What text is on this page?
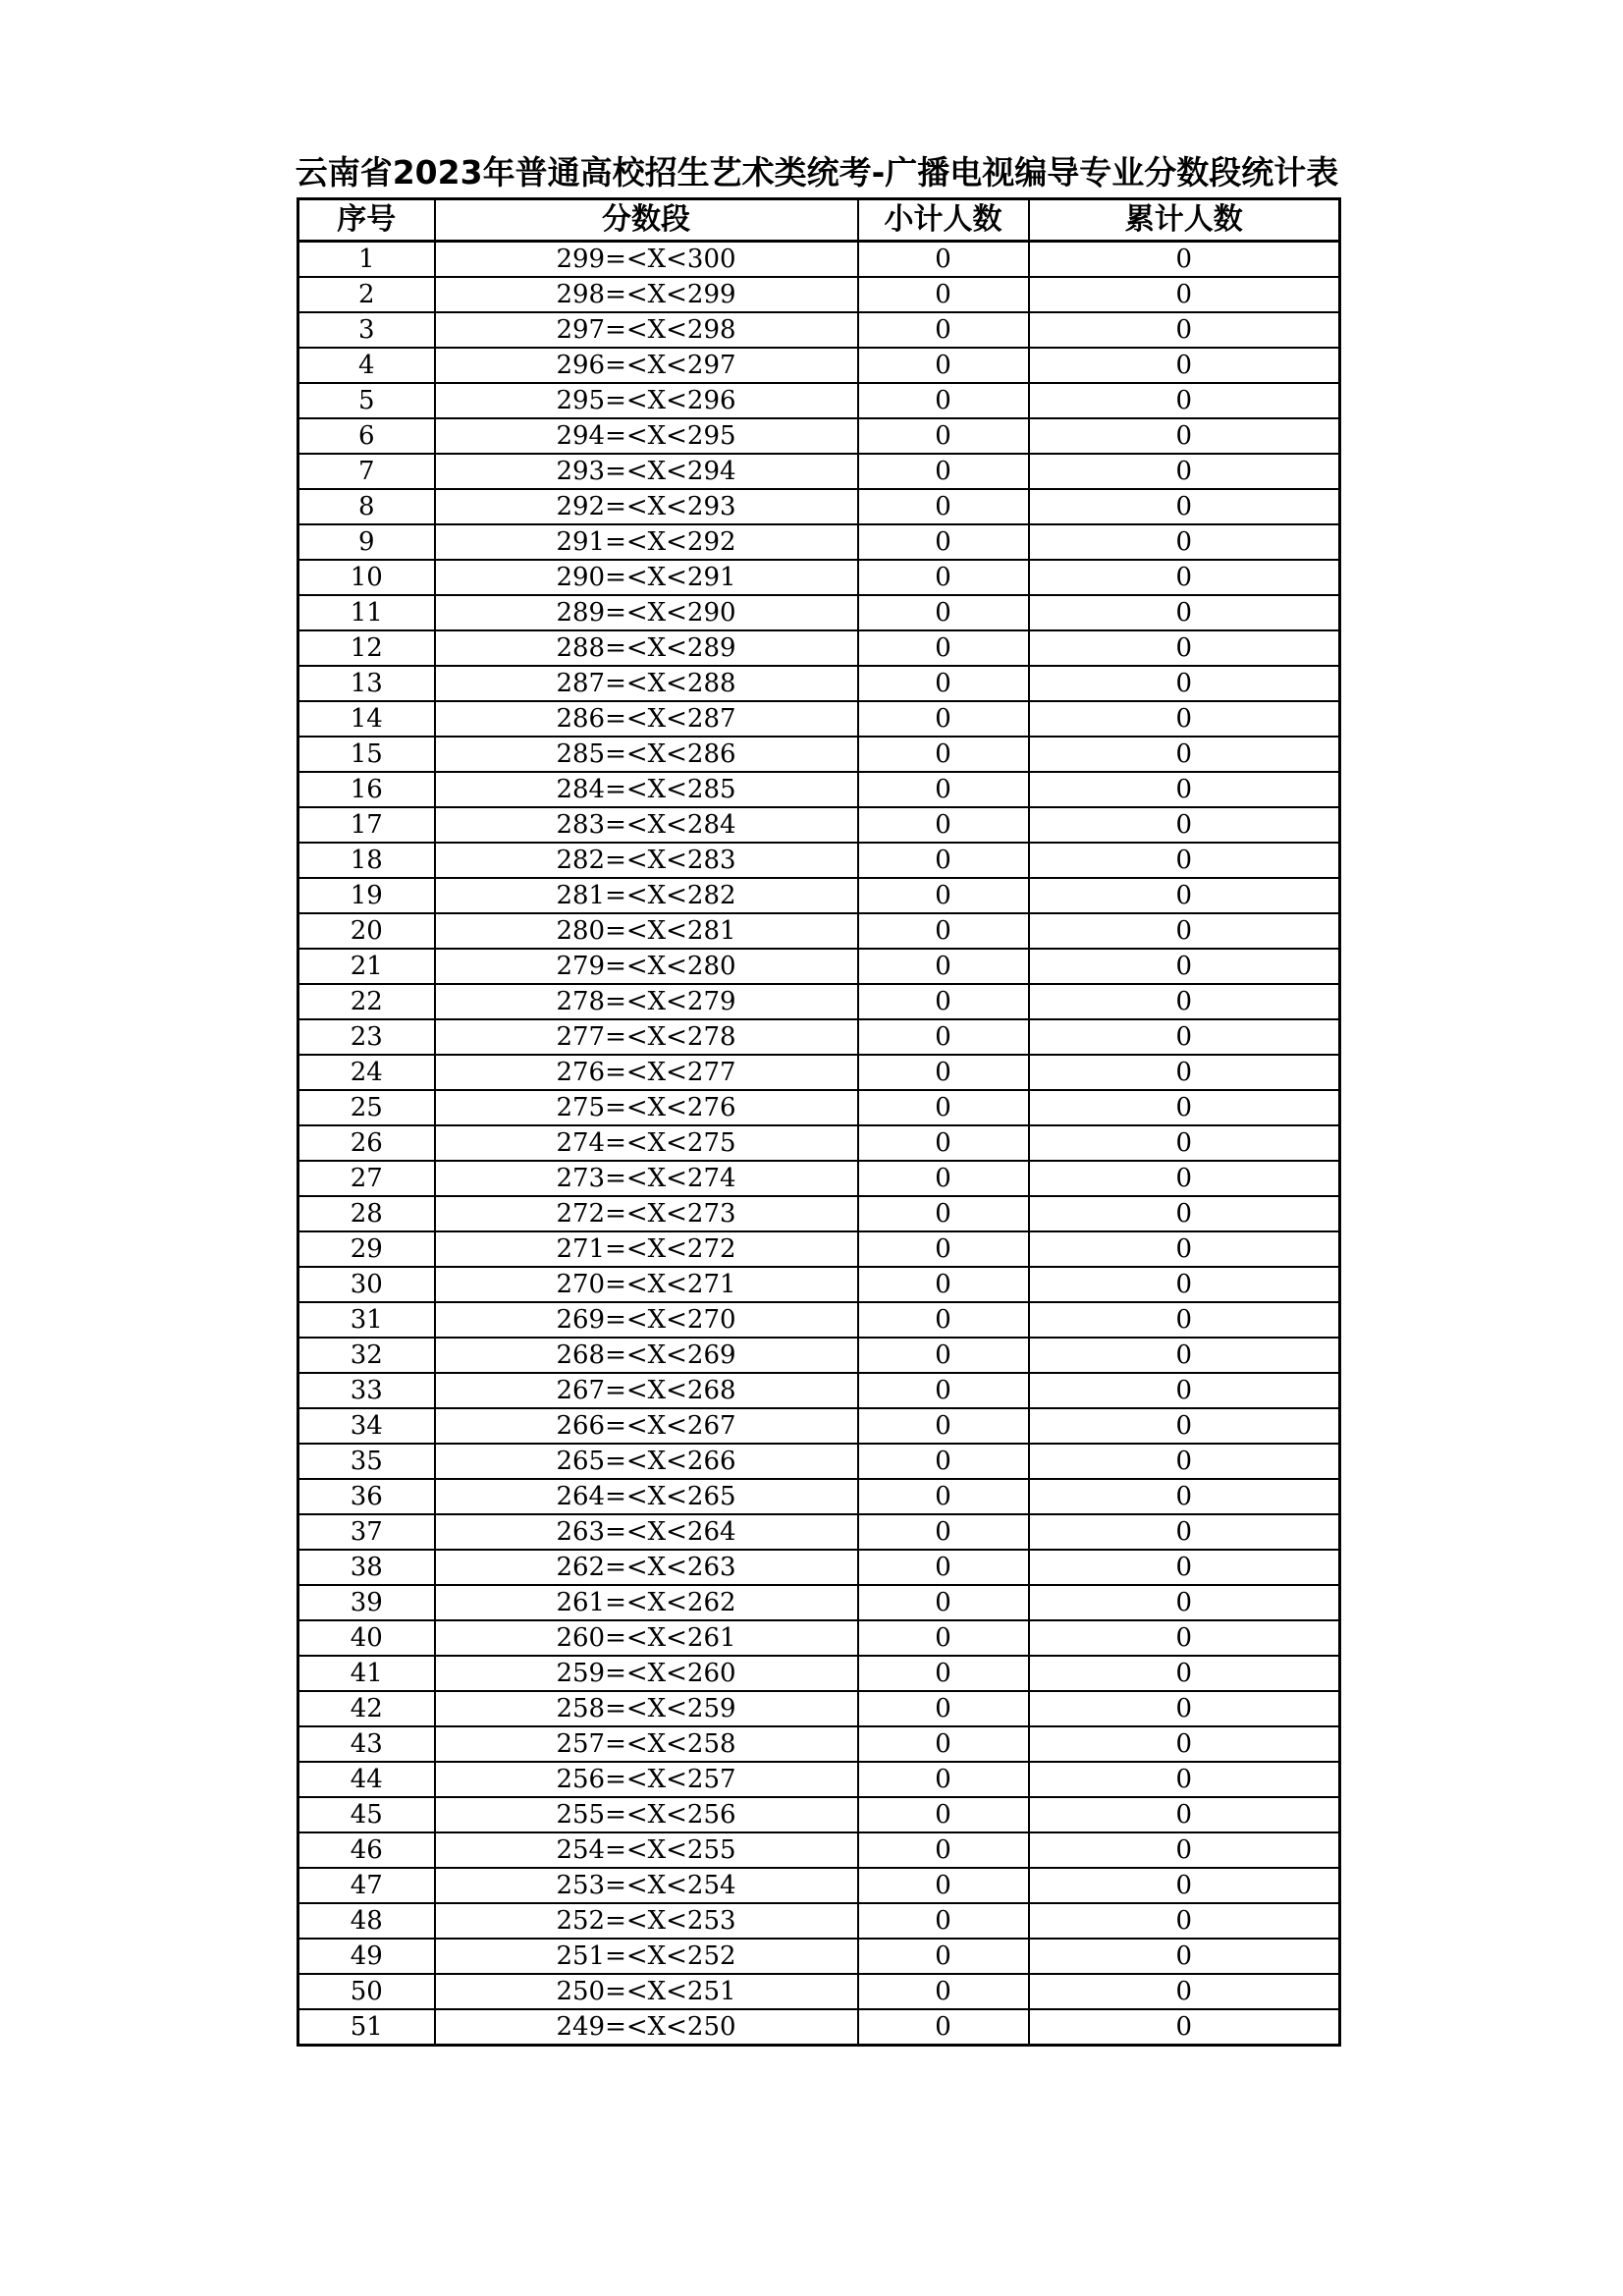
云南省2023年普通高校招生艺术类统考-广播电视编导专业分数段统计表
序号	分数段	小计人数	累计人数
1	299=<X<300	0	0
2	298=<X<299	0	0
3	297=<X<298	0	0
4	296=<X<297	0	0
5	295=<X<296	0	0
6	294=<X<295	0	0
7	293=<X<294	0	0
8	292=<X<293	0	0
9	291=<X<292	0	0
10	290=<X<291	0	0
11	289=<X<290	0	0
12	288=<X<289	0	0
13	287=<X<288	0	0
14	286=<X<287	0	0
15	285=<X<286	0	0
16	284=<X<285	0	0
17	283=<X<284	0	0
18	282=<X<283	0	0
19	281=<X<282	0	0
20	280=<X<281	0	0
21	279=<X<280	0	0
22	278=<X<279	0	0
23	277=<X<278	0	0
24	276=<X<277	0	0
25	275=<X<276	0	0
26	274=<X<275	0	0
27	273=<X<274	0	0
28	272=<X<273	0	0
29	271=<X<272	0	0
30	270=<X<271	0	0
31	269=<X<270	0	0
32	268=<X<269	0	0
33	267=<X<268	0	0
34	266=<X<267	0	0
35	265=<X<266	0	0
36	264=<X<265	0	0
37	263=<X<264	0	0
38	262=<X<263	0	0
39	261=<X<262	0	0
40	260=<X<261	0	0
41	259=<X<260	0	0
42	258=<X<259	0	0
43	257=<X<258	0	0
44	256=<X<257	0	0
45	255=<X<256	0	0
46	254=<X<255	0	0
47	253=<X<254	0	0
48	252=<X<253	0	0
49	251=<X<252	0	0
50	250=<X<251	0	0
51	249=<X<250	0	0
